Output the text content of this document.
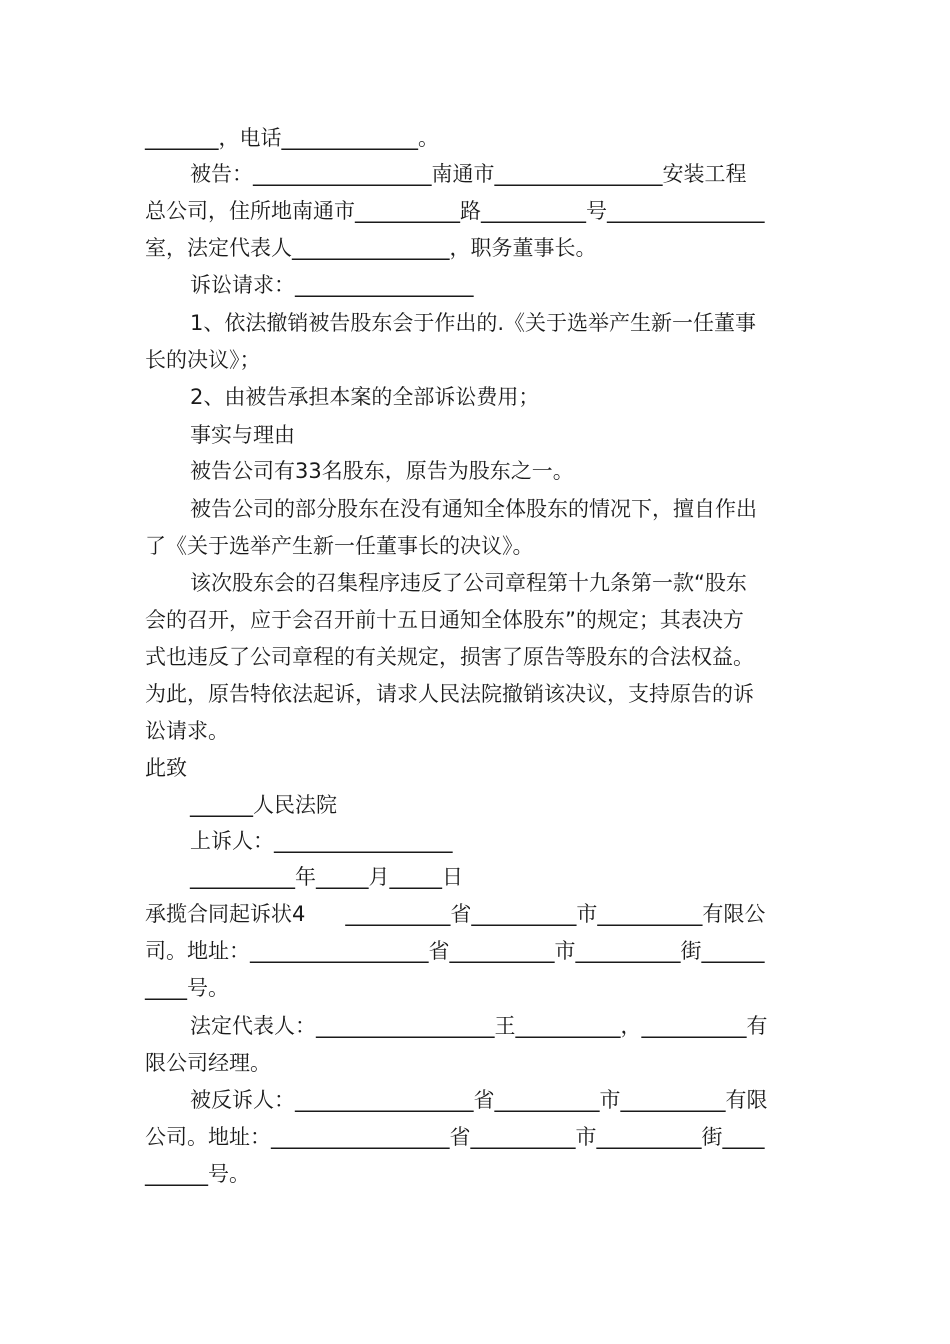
_______，电话_____________。
被告：_________________南通市________________安装工程
总公司，住所地南通市__________路__________号_______________
室，法定代表人_______________，职务董事长。
诉讼请求：_________________
1、依法撤销被告股东会于作出的.《关于选举产生新一任董事
长的决议》；
2、由被告承担本案的全部诉讼费用；
事实与理由
被告公司有33名股东，原告为股东之一。
被告公司的部分股东在没有通知全体股东的情况下，擅自作出
了《关于选举产生新一任董事长的决议》。
该次股东会的召集程序违反了公司章程第十九条第一款“股东
会的召开，应于会召开前十五日通知全体股东”的规定；其表决方
式也违反了公司章程的有关规定，损害了原告等股东的合法权益。
为此，原告特依法起诉，请求人民法院撤销该决议，支持原告的诉
讼请求。
此致
______人民法院
上诉人：_________________
__________年_____月_____日
承揽合同起诉状4      __________省__________市__________有限公
司。地址：_________________省__________市__________街______
____号。
法定代表人：_________________王__________，__________有
限公司经理。
被反诉人：_________________省__________市__________有限
公司。地址：_________________省__________市__________街____
______号。
